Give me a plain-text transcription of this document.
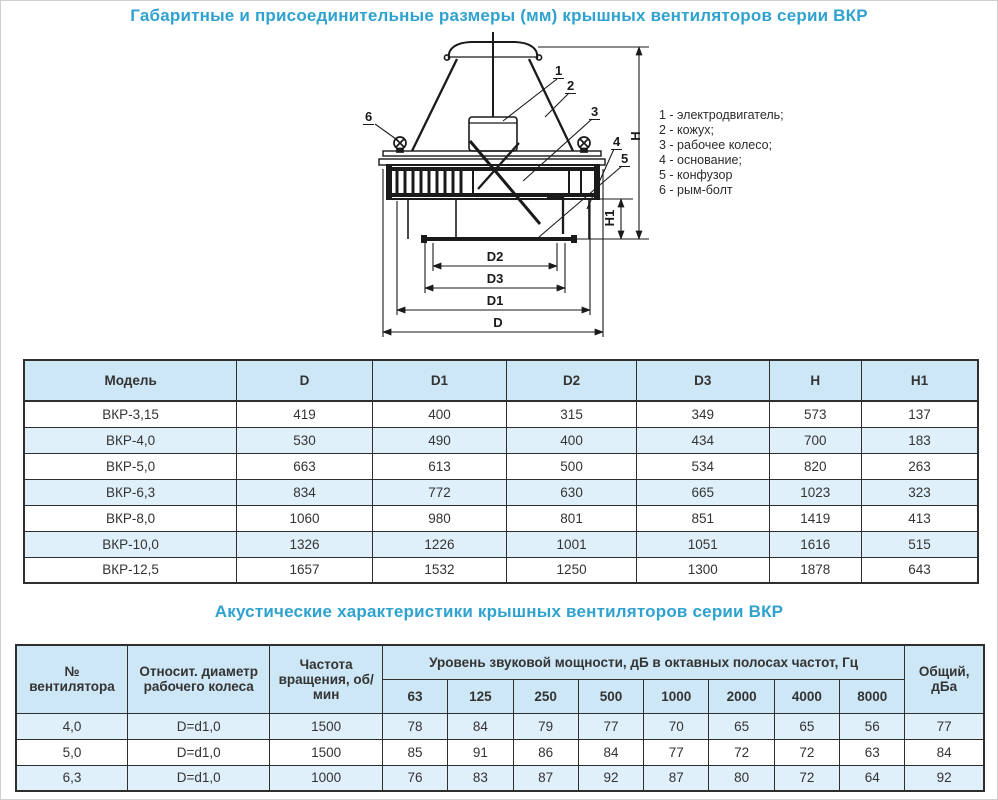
Габаритные и присоединительные размеры (мм) крышных вентиляторов серии ВКР
1
2
3
4
5
6
D2
D3
D1
D
H
H1
1 - электродвигатель;
2 - кожух;
3 - рабочее колесо;
4 - основание;
5 - конфузор
6 - рым-болт
Модель	D	D1	D2	D3	H	H1
ВКР-3,15	419	400	315	349	573	137
ВКР-4,0	530	490	400	434	700	183
ВКР-5,0	663	613	500	534	820	263
ВКР-6,3	834	772	630	665	1023	323
ВКР-8,0	1060	980	801	851	1419	413
ВКР-10,0	1326	1226	1001	1051	1616	515
ВКР-12,5	1657	1532	1250	1300	1878	643
Акустические характеристики крышных вентиляторов серии ВКР
№ вентилятора	Относит. диаметр рабочего колеса	Частота вращения, об/мин	Уровень звуковой мощности, дБ в октавных полосах частот, Гц								Общий, дБа
			63	125	250	500	1000	2000	4000	8000	
4,0	D=d1,0	1500	78	84	79	77	70	65	65	56	77
5,0	D=d1,0	1500	85	91	86	84	77	72	72	63	84
6,3	D=d1,0	1000	76	83	87	92	87	80	72	64	92
